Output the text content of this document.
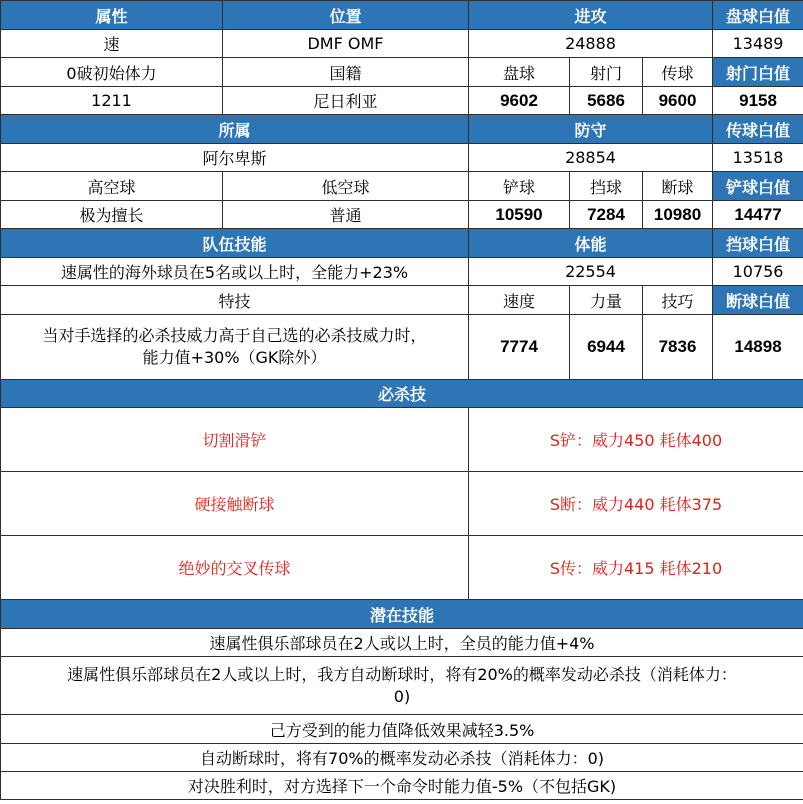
属性	位置	进攻			盘球白值
速	DMF OMF	24888			13489
0破初始体力	国籍	盘球	射门	传球	射门白值
1211	尼日利亚	9602	5686	9600	9158
所属		防守			传球白值
阿尔卑斯		28854			13518
高空球	低空球	铲球	挡球	断球	铲球白值
极为擅长	普通	10590	7284	10980	14477
队伍技能		体能			挡球白值
速属性的海外球员在5名或以上时，全能力+23%		22554			10756
特技		速度	力量	技巧	断球白值

当对手选择的必杀技威力高于自己选的必杀技威力时，
能力值+30%（GK除外）		7774	6944	7836	14898
必杀技					
切割滑铲		S铲：威力450 耗体400			
硬接触断球		S断：威力440 耗体375			
绝妙的交叉传球		S传：威力415 耗体210			
潜在技能					
速属性俱乐部球员在2人或以上时，全员的能力值+4%					

速属性俱乐部球员在2人或以上时，我方自动断球时，将有20%的概率发动必杀技（消耗体力：
0)					

己方受到的能力值降低效果减轻3.5%					
自动断球时，将有70%的概率发动必杀技（消耗体力：0)					
对决胜利时，对方选择下一个命令时能力值-5%（不包括GK)					
